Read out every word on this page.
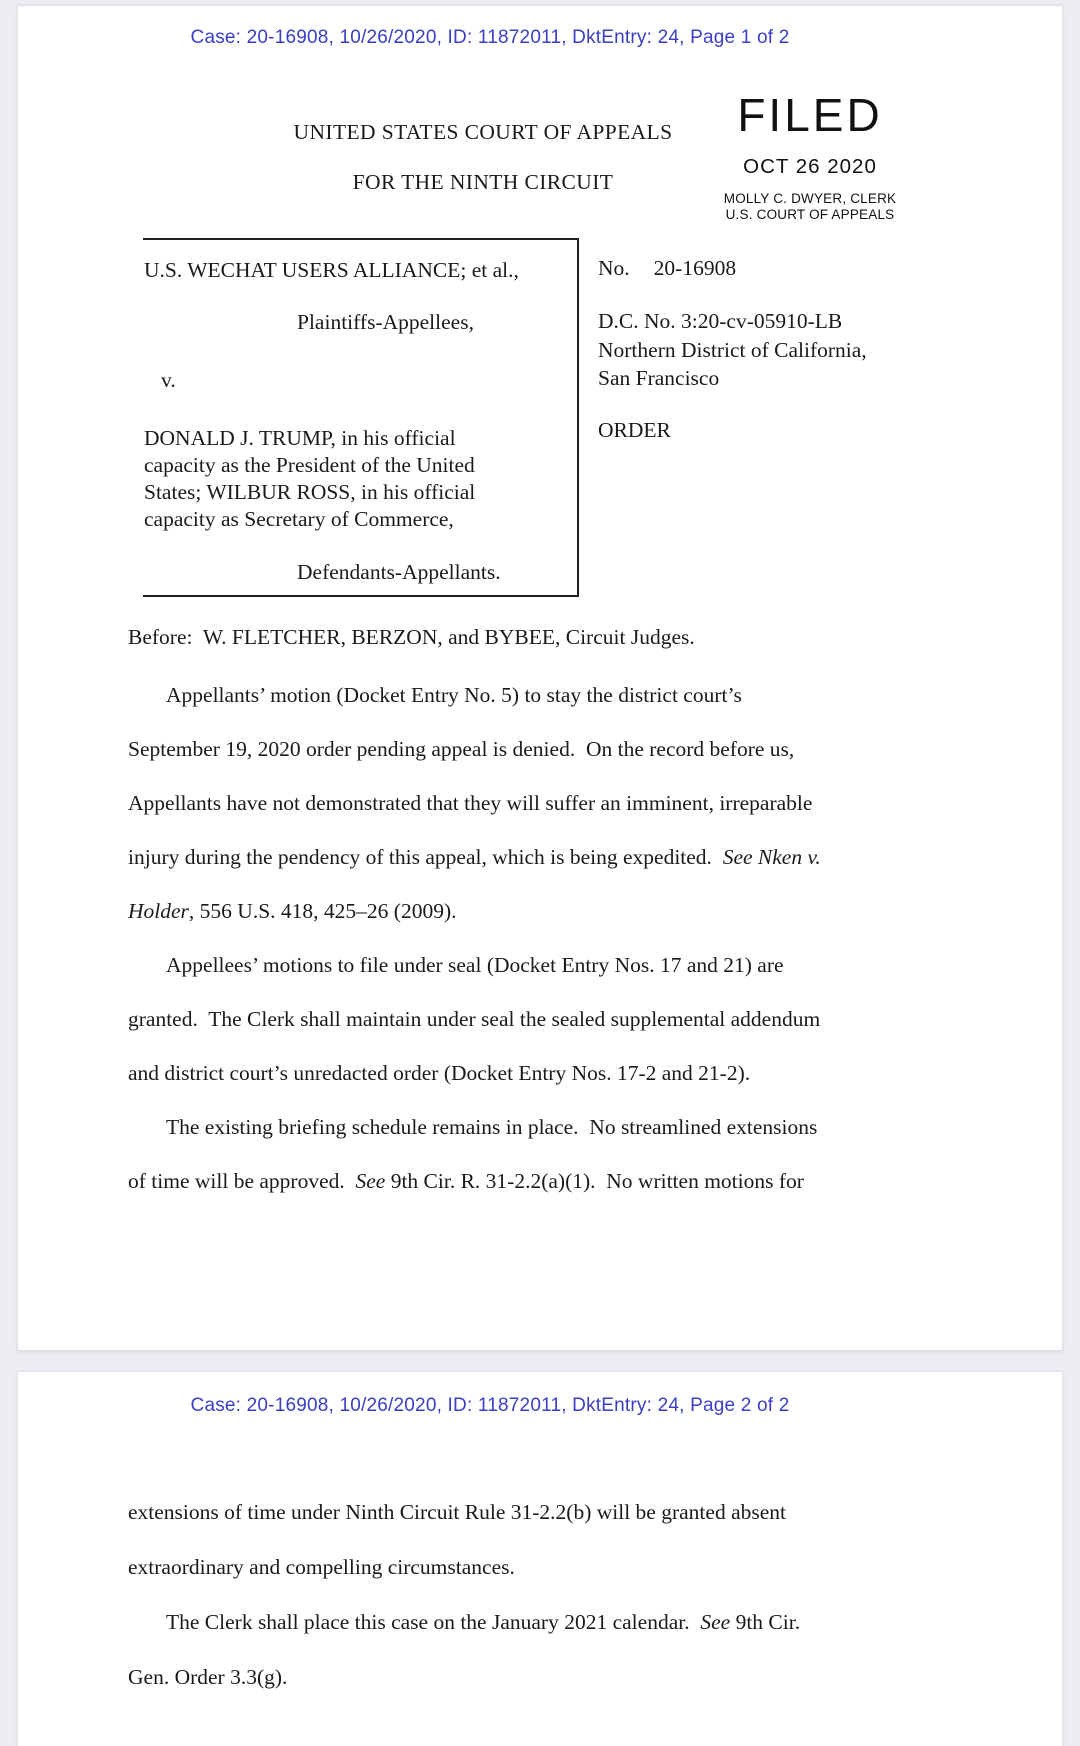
Case: 20-16908, 10/26/2020, ID: 11872011, DktEntry: 24, Page 1 of 2
UNITED STATES COURT OF APPEALS
FOR THE NINTH CIRCUIT
FILED
OCT 26 2020
MOLLY C. DWYER, CLERK
U.S. COURT OF APPEALS
U.S. WECHAT USERS ALLIANCE; et al.,
Plaintiffs-Appellees,
v.
DONALD J. TRUMP, in his official
capacity as the President of the United
States; WILBUR ROSS, in his official
capacity as Secretary of Commerce,
Defendants-Appellants.
No. 20-16908
D.C. No. 3:20-cv-05910-LB
Northern District of California,
San Francisco
ORDER
Before:  W. FLETCHER, BERZON, and BYBEE, Circuit Judges.
Appellants’ motion (Docket Entry No. 5) to stay the district court’s
September 19, 2020 order pending appeal is denied.  On the record before us,
Appellants have not demonstrated that they will suffer an imminent, irreparable
injury during the pendency of this appeal, which is being expedited.  See Nken v.
Holder, 556 U.S. 418, 425–26 (2009).
Appellees’ motions to file under seal (Docket Entry Nos. 17 and 21) are
granted.  The Clerk shall maintain under seal the sealed supplemental addendum
and district court’s unredacted order (Docket Entry Nos. 17-2 and 21-2).
The existing briefing schedule remains in place.  No streamlined extensions
of time will be approved.  See 9th Cir. R. 31-2.2(a)(1).  No written motions for
Case: 20-16908, 10/26/2020, ID: 11872011, DktEntry: 24, Page 2 of 2
extensions of time under Ninth Circuit Rule 31-2.2(b) will be granted absent
extraordinary and compelling circumstances.
The Clerk shall place this case on the January 2021 calendar.  See 9th Cir.
Gen. Order 3.3(g).
